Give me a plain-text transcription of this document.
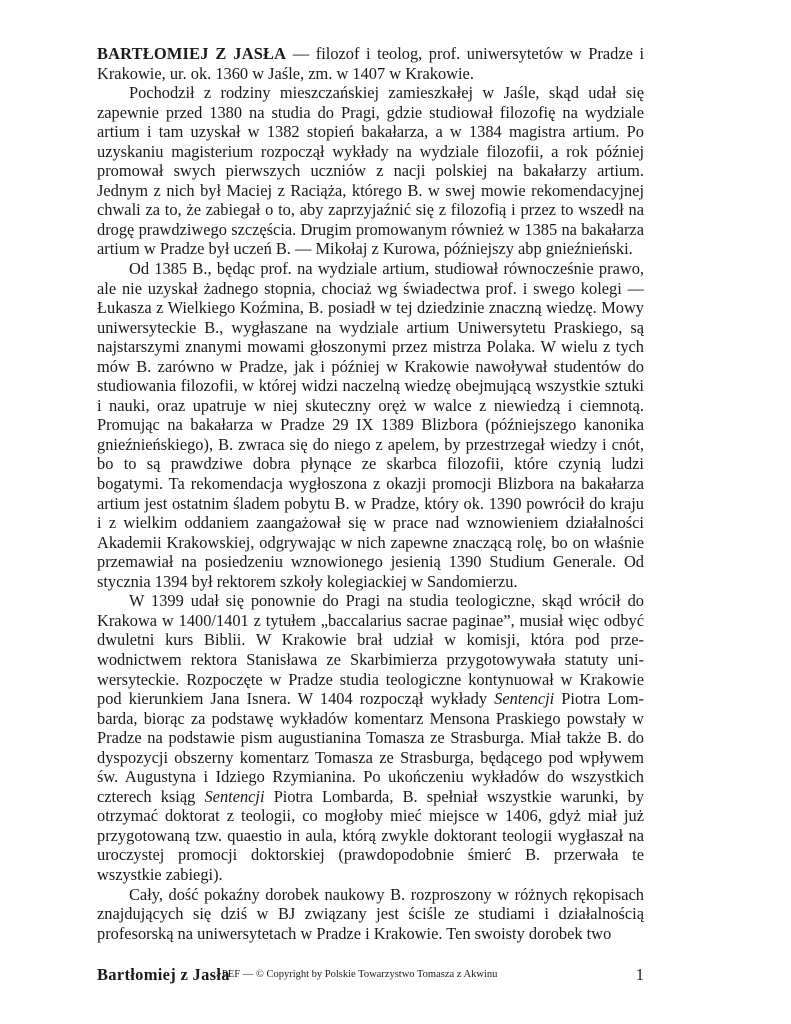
BARTŁOMIEJ Z JASŁA — filozof i teolog, prof. uniwersytetów w Pradze i Krakowie, ur. ok. 1360 w Jaśle, zm. w 1407 w Krakowie.

Pochodził z rodziny mieszczańskiej zamieszkałej w Jaśle, skąd udał się zapewnie przed 1380 na studia do Pragi, gdzie studiował filozofię na wydziale artium i tam uzyskał w 1382 stopień bakałarza, a w 1384 magistra artium. Po uzyskaniu magisterium rozpoczął wykłady na wydziale filozofii, a rok później promował swych pierwszych uczniów z nacji polskiej na bakałarzy artium. Jednym z nich był Maciej z Raciąża, którego B. w swej mowie rekomendacyjnej chwali za to, że zabiegał o to, aby zaprzyjaźnić się z filozofią i przez to wszedł na drogę prawdziwego szczęścia. Drugim promowanym również w 1385 na bakałarza artium w Pradze był uczeń B. — Mikołaj z Kurowa, późniejszy abp gnieźnieński.

Od 1385 B., będąc prof. na wydziale artium, studiował równocześnie prawo, ale nie uzyskał żadnego stopnia, chociaż wg świadectwa prof. i swego kolegi — Łukasza z Wielkiego Koźmina, B. posiadł w tej dziedzinie znaczną wiedzę. Mowy uniwersyteckie B., wygłaszane na wydziale artium Uniwersytetu Praskiego, są najstarszymi znanymi mowami głoszonymi przez mistrza Polaka. W wielu z tych mów B. zarówno w Pradze, jak i później w Krakowie nawoływał studentów do studiowania filozofii, w której widzi naczelną wiedzę obejmującą wszystkie sztuki i nauki, oraz upatruje w niej skuteczny oręż w walce z niewiedzą i ciemnotą. Promując na bakałarza w Pradze 29 IX 1389 Blizbora (późniejszego kanonika gnieźnieńskiego), B. zwraca się do niego z apelem, by przestrzegał wiedzy i cnót, bo to są prawdziwe dobra płynące ze skarbca filozofii, które czynią ludzi bogatymi. Ta rekomendacja wygłoszona z okazji promocji Blizbora na bakałarza artium jest ostatnim śladem pobytu B. w Pradze, który ok. 1390 powrócił do kraju i z wielkim oddaniem zaangażował się w prace nad wznowieniem działalności Akademii Krakowskiej, odgrywając w nich zapewne znaczącą rolę, bo on właśnie przemawiał na posiedzeniu wznowionego jesienią 1390 Studium Generale. Od stycznia 1394 był rektorem szkoły kolegiackiej w Sandomierzu.

W 1399 udał się ponownie do Pragi na studia teologiczne, skąd wrócił do Krakowa w 1400/1401 z tytułem „baccalarius sacrae paginae”, musiał więc odbyć dwuletni kurs Biblii. W Krakowie brał udział w komisji, która pod przewodnictwem rektora Stanisława ze Skarbimierza przygotowywała statuty uniwersyteckie. Rozpoczęte w Pradze studia teologiczne kontynuował w Krakowie pod kierunkiem Jana Isnera. W 1404 rozpoczął wykłady Sentencji Piotra Lombarda, biorąc za podstawę wykładów komentarz Mensona Praskiego powstały w Pradze na podstawie pism augustianina Tomasza ze Strasburga. Miał także B. do dyspozycji obszerny komentarz Tomasza ze Strasburga, będącego pod wpływem św. Augustyna i Idziego Rzymianina. Po ukończeniu wykładów do wszystkich czterech ksiąg Sentencji Piotra Lombarda, B. spełniał wszystkie warunki, by otrzymać doktorat z teologii, co mogłoby mieć miejsce w 1406, gdyż miał już przygotowaną tzw. quaestio in aula, którą zwykle doktorant teologii wygłaszał na uroczystej promocji doktorskiej (prawdopodobnie śmierć B. przerwała te wszystkie zabiegi).

Cały, dość pokaźny dorobek naukowy B. rozproszony w różnych rękopisach znajdujących się dziś w BJ związany jest ściśle ze studiami i działalnością profesorską na uniwersytetach w Pradze i Krakowie. Ten swoisty dorobek two

Bartłomiej z Jasła
PEF — © Copyright by Polskie Towarzystwo Tomasza z Akwinu	1
